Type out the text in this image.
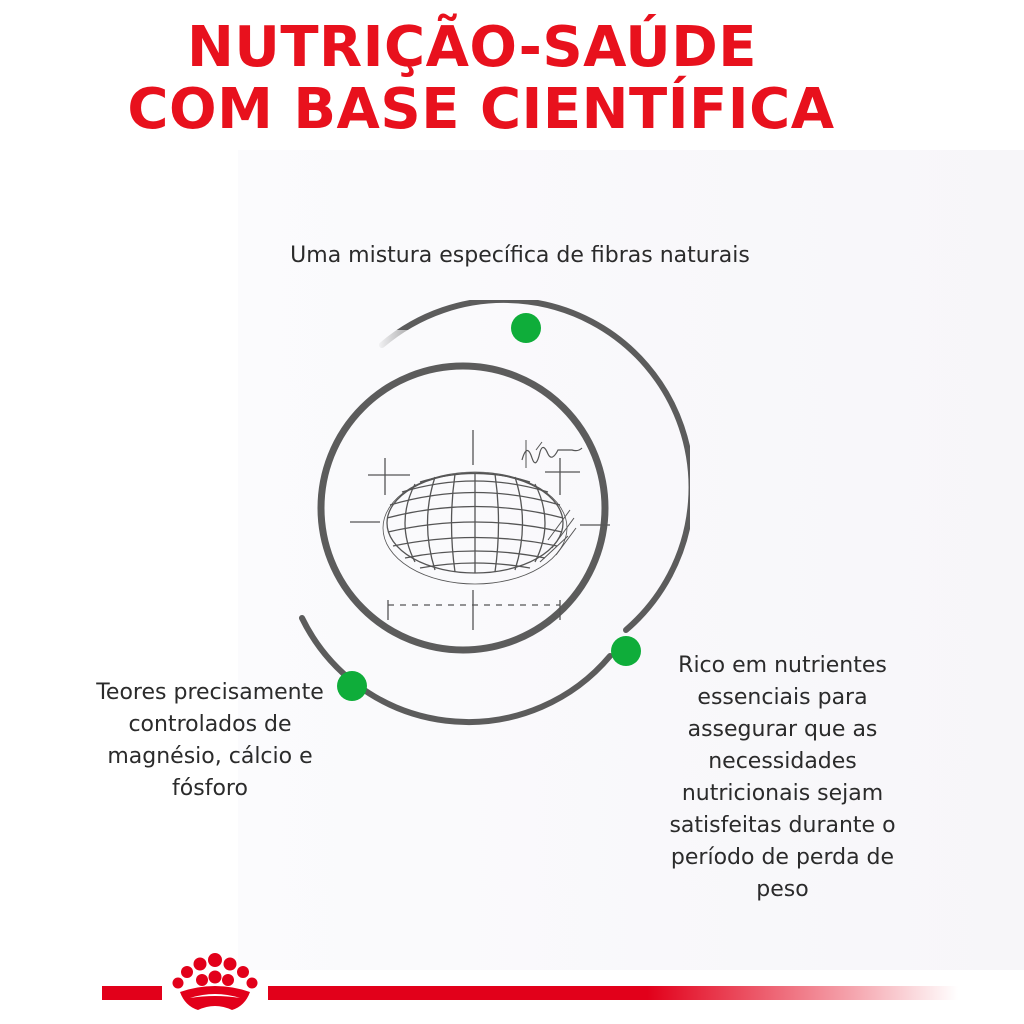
NUTRIÇÃO-SAÚDE
COM BASE CIENTÍFICA
Uma mistura específica de fibras naturais
Teores precisamente controlados de magnésio, cálcio e fósforo
Rico em nutrientes essenciais para assegurar que as necessidades nutricionais sejam satisfeitas durante o período de perda de peso
